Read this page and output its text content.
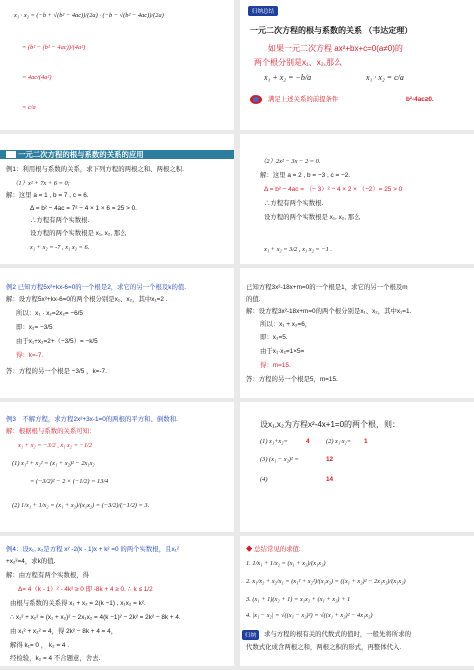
x₁ · x₂ = (−b + √(b² − 4ac))/(2a) · (−b − √(b² − 4ac))/(2a)
= (b² − (b² − 4ac))/(4a²)
= 4ac/(4a²)
= c/a
归纳总结
一元二次方程的根与系数的关系 （韦达定理）
如果一元二次方程 ax²+bx+c=0(a≠0)的
两个根分别是x₁、x₂,那么
x₁ + x₂ = −b/a	x₁ · x₂ = c/a
满足上述关系的前提条件	b²-4ac≥0.
一元二次方程的根与系数的关系的应用
例1：利用根与系数的关系，求下列方程的两根之和、两根之积.
（1）x² + 7x + 6 = 0;
解：这里 a = 1 , b = 7 , c = 6.
Δ = b² − 4ac = 7² − 4 × 1 × 6 = 25 > 0.
∴方程有两个实数根.
设方程的两个实数根是 x₁, x₂, 那么
x₁ + x₂ = -7 , x₁ x₂ = 6.
（2）2x² − 3x − 2 = 0.
解：这里 a = 2 , b = −3 , c = −2.
Δ = b² − 4ac = （− 3）² − 4 × 2 × （−2）= 25 > 0
∴方程有两个实数根.
设方程的两个实数根是 x₁, x₂, 那么
x₁ + x₂ = 3/2 , x₁ x₂ = −1 .
例2 已知方程5x²+kx-6=0的一个根是2，求它的另一个根及k的值.
解：设方程5x²+kx-6=0的两个根分别是x₁、x₂，其中x₁=2 .
所以：x₁ · x₂=2x₂= −6/5
即：x₂= −3/5
由于x₁+x₂=2+（−3/5）= −k/5
得：k=-7.
答：方程的另一个根是 −3/5 ，k=-7.
已知方程3x²-18x+m=0的一个根是1，求它的另一个根及m
的值.
解：设方程3x²-18x+m=0的两个根分别是x₁、x₂，其中x₁=1.
所以：x₁ + x₂=6，
即：x₂=5.
由于x₁·x₂=1×5=
得：m=15.
答：方程的另一个根是5，m=15.
例3　不解方程，求方程2x²+3x-1=0的两根的平方和、倒数和.
解：根据根与系数的关系可知：
x₁ + x₂ = −3/2 , x₁ x₂ = −1/2
(1) x₁² + x₂² = (x₁ + x₂)² − 2x₁x₂
= (−3/2)² − 2 × (−1/2) = 13/4
(2) 1/x₁ + 1/x₂ = (x₁ + x₂)/(x₁x₂) = (−3/2)/(−1/2) = 3.
设x₁,x₂为方程x²-4x+1=0的两个根，则：
(1) x₁+x₂=	4	(2) x₁·x₂= 1
(3) (x₁ − x₂)² =	12
(4)	14
例4：设x₁, x₂是方程 x² -2(k - 1)x + k² =0 的两个实数根，且x₁²
+x₂²=4，求k的值.
解：由方程有两个实数根，得
Δ= 4（k - 1）² - 4k² ≥ 0 即 -8k + 4 ≥ 0. ∴ k ≤ 1/2
由根与系数的关系得 x₁ + x₂ = 2(k −1) , x₁x₂ = k².
∴ x₁² + x₂² = (x₁ + x₂)² − 2x₁x₂ = 4(k −1)² − 2k² = 2k² − 8k + 4.
由 x₁² + x₂² = 4，得 2k² − 8k + 4 = 4，
解得 k₁= 0 ， k₂ = 4 .
经检验，k₂ = 4 不合题意，舍去.
◆ 总结常见的求值:
1. 1/x₁ + 1/x₂ = (x₁ + x₂)/(x₁x₂)
2. x₁/x₂ + x₂/x₁ = (x₁² + x₂²)/(x₁x₂) = ((x₁ + x₂)² − 2x₁x₂)/(x₁x₂)
3. (x₁ + 1)(x₂ + 1) = x₁x₂ + (x₁ + x₂) + 1
4. |x₁ − x₂| = √((x₁ − x₂)²) = √((x₁ + x₂)² − 4x₁x₂)
归纳	求与方程的根有关的代数式的值时，一般先将所求的
代数式化成含两根之和，两根之积的形式，再整体代入.
